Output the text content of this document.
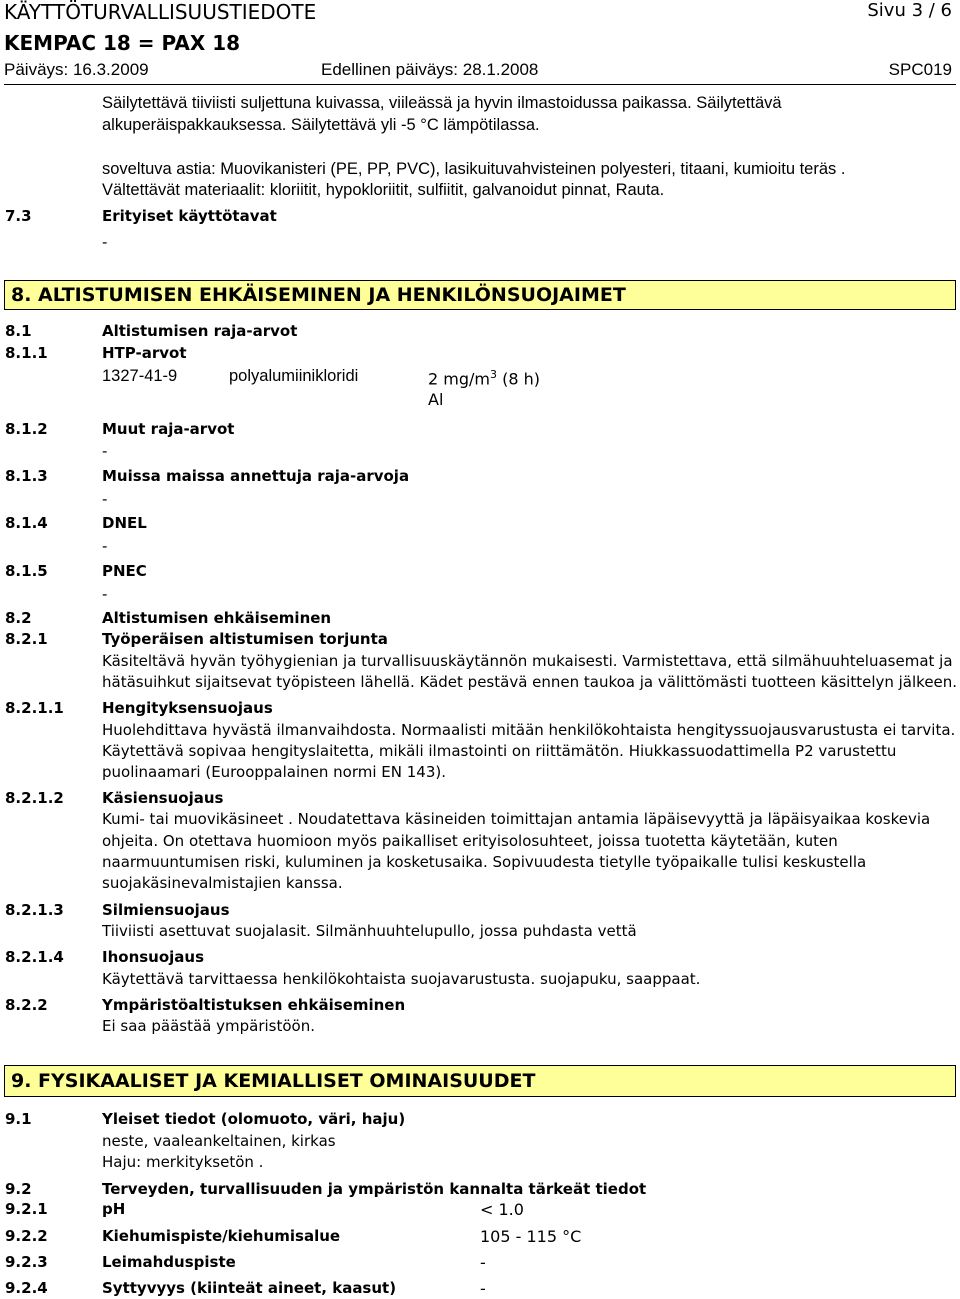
KÄYTTÖTURVALLISUUSTIEDOTE	Sivu 3 / 6
KEMPAC 18 = PAX 18
Päiväys: 16.3.2009	Edellinen päiväys: 28.1.2008	SPC019
Säilytettävä tiiviisti suljettuna kuivassa, viileässä ja hyvin ilmastoidussa paikassa. Säilytettävä
alkuperäispakkauksessa. Säilytettävä yli -5 °C lämpötilassa.
soveltuva astia: Muovikanisteri (PE, PP, PVC), lasikuituvahvisteinen polyesteri, titaani, kumioitu teräs .
Vältettävät materiaalit: kloriitit, hypokloriitit, sulfiitit, galvanoidut pinnat, Rauta.
7.3	Erityiset käyttötavat
-
8. ALTISTUMISEN EHKÄISEMINEN JA HENKILÖNSUOJAIMET
8.1	Altistumisen raja-arvot
8.1.1	HTP-arvot
1327-41-9	polyalumiinikloridi	2 $mg/m^3$ (8 h)
Al
8.1.2	Muut raja-arvot
-
8.1.3	Muissa maissa annettuja raja-arvoja
-
8.1.4	DNEL
-
8.1.5	PNEC
-
8.2	Altistumisen ehkäiseminen
8.2.1	Työperäisen altistumisen torjunta
Käsiteltävä hyvän työhygienian ja turvallisuuskäytännön mukaisesti. Varmistettava, että silmähuuhteluasemat ja
hätäsuihkut sijaitsevat työpisteen lähellä. Kädet pestävä ennen taukoa ja välittömästi tuotteen käsittelyn jälkeen.
8.2.1.1	Hengityksensuojaus
Huolehdittava hyvästä ilmanvaihdosta. Normaalisti mitään henkilökohtaista hengityssuojausvarustusta ei tarvita.
Käytettävä sopivaa hengityslaitetta, mikäli ilmastointi on riittämätön. Hiukkassuodattimella P2 varustettu
puolinaamari (Eurooppalainen normi EN 143).
8.2.1.2	Käsiensuojaus
Kumi- tai muovikäsineet . Noudatettava käsineiden toimittajan antamia läpäisevyyttä ja läpäisyaikaa koskevia
ohjeita. On otettava huomioon myös paikalliset erityisolosuhteet, joissa tuotetta käytetään, kuten
naarmuuntumisen riski, kuluminen ja kosketusaika. Sopivuudesta tietylle työpaikalle tulisi keskustella
suojakäsinevalmistajien kanssa.
8.2.1.3	Silmiensuojaus
Tiiviisti asettuvat suojalasit. Silmänhuuhtelupullo, jossa puhdasta vettä
8.2.1.4	Ihonsuojaus
Käytettävä tarvittaessa henkilökohtaista suojavarustusta. suojapuku, saappaat.
8.2.2	Ympäristöaltistuksen ehkäiseminen
Ei saa päästää ympäristöön.
9. FYSIKAALISET JA KEMIALLISET OMINAISUUDET
9.1	Yleiset tiedot (olomuoto, väri, haju)
neste, vaaleankeltainen, kirkas
Haju: merkityksetön .
9.2	Terveyden, turvallisuuden ja ympäristön kannalta tärkeät tiedot
9.2.1	pH	< 1.0
9.2.2	Kiehumispiste/kiehumisalue	105 - 115 °C
9.2.3	Leimahduspiste	-
9.2.4	Syttyvyys (kiinteät aineet, kaasut)	-
